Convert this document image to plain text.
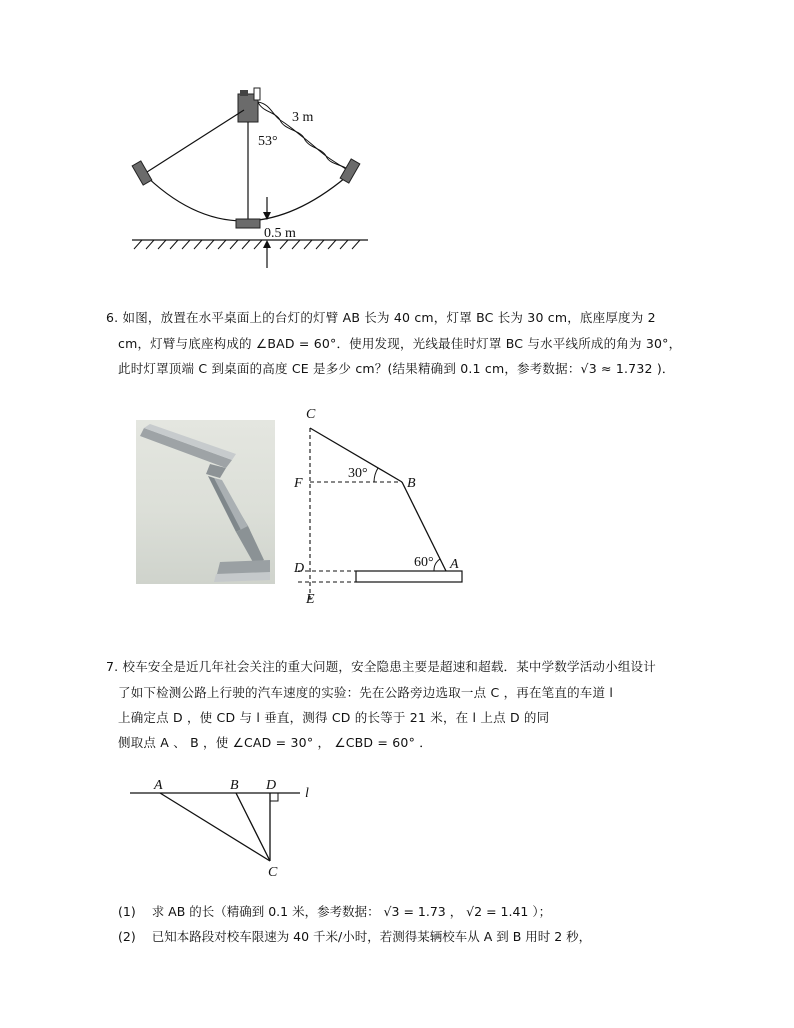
3 m
53°
0.5 m
6. 如图，放置在水平桌面上的台灯的灯臂 AB 长为 40 cm，灯罩 BC 长为 30 cm，底座厚度为 2
cm，灯臂与底座构成的 ∠BAD = 60°．使用发现，光线最佳时灯罩 BC 与水平线所成的角为 30°，
此时灯罩顶端 C 到桌面的高度 CE 是多少 cm？(结果精确到 0.1 cm，参考数据：√3 ≈ 1.732 )．
C
F	B
D	A
E
30°
60°
7. 校车安全是近几年社会关注的重大问题，安全隐患主要是超速和超载．某中学数学活动小组设计
了如下检测公路上行驶的汽车速度的实验：先在公路旁边选取一点 C ，再在笔直的车道 l
上确定点 D ，使 CD 与 l 垂直，测得 CD 的长等于 21 米，在 l 上点 D 的同
侧取点 A 、 B ，使 ∠CAD = 30° ， ∠CBD = 60° ．
A	B D
l
C
(1) 求 AB 的长（精确到 0.1 米，参考数据： √3 = 1.73 ， √2 = 1.41 ）；
(2) 已知本路段对校车限速为 40 千米/小时，若测得某辆校车从 A 到 B 用时 2 秒，
